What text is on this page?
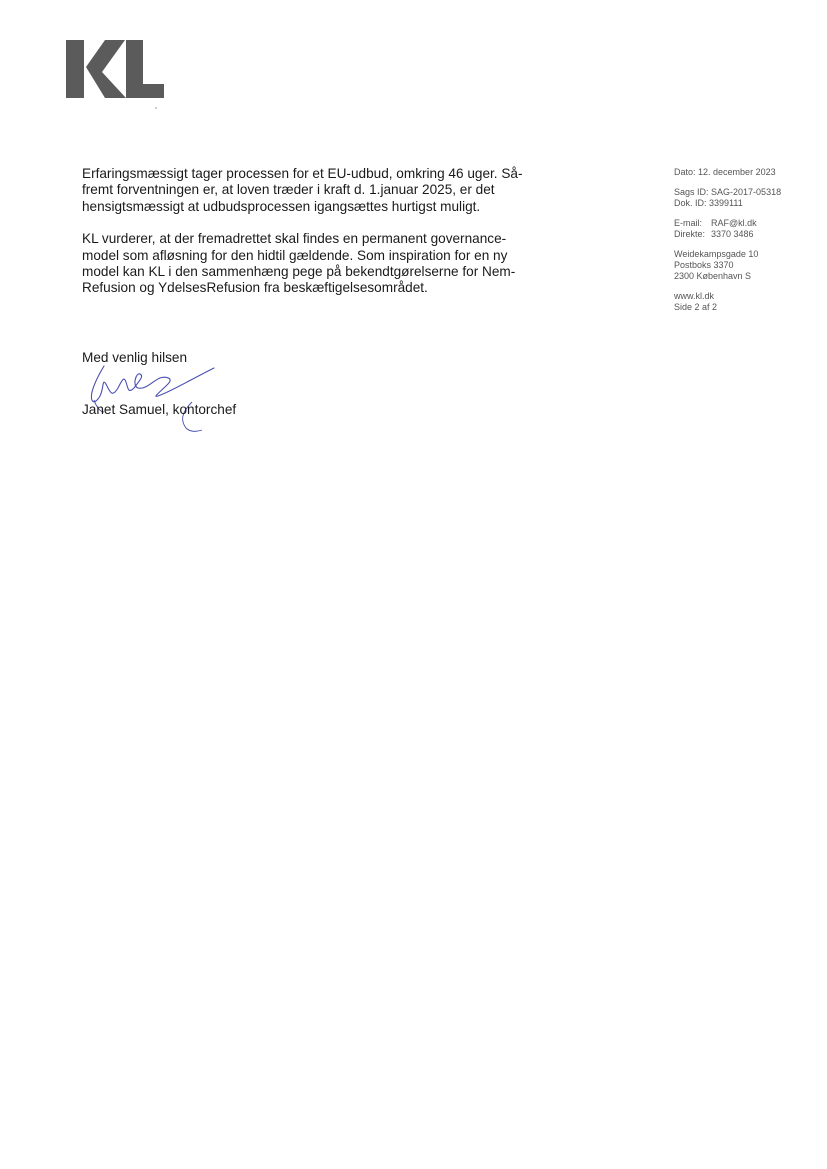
Erfaringsmæssigt tager processen for et EU-udbud, omkring 46 uger. Så-
fremt forventningen er, at loven træder i kraft d. 1.januar 2025, er det
hensigtsmæssigt at udbudsprocessen igangsættes hurtigst muligt.

KL vurderer, at der fremadrettet skal findes en permanent governance-
model som afløsning for den hidtil gældende. Som inspiration for en ny
model kan KL i den sammenhæng pege på bekendtgørelserne for Nem-
Refusion og YdelsesRefusion fra beskæftigelsesområdet.

Med venlig hilsen
Janet Samuel, kontorchef
Dato:
12. december 2023
Sags ID:
SAG-2017-05318
Dok. ID:
3399111
E-mail: RAF@kl.dk
Direkte: 3370 3486
Weidekampsgade 10
Postboks 3370
2300 København S
www.kl.dk
Side 2 af 2
